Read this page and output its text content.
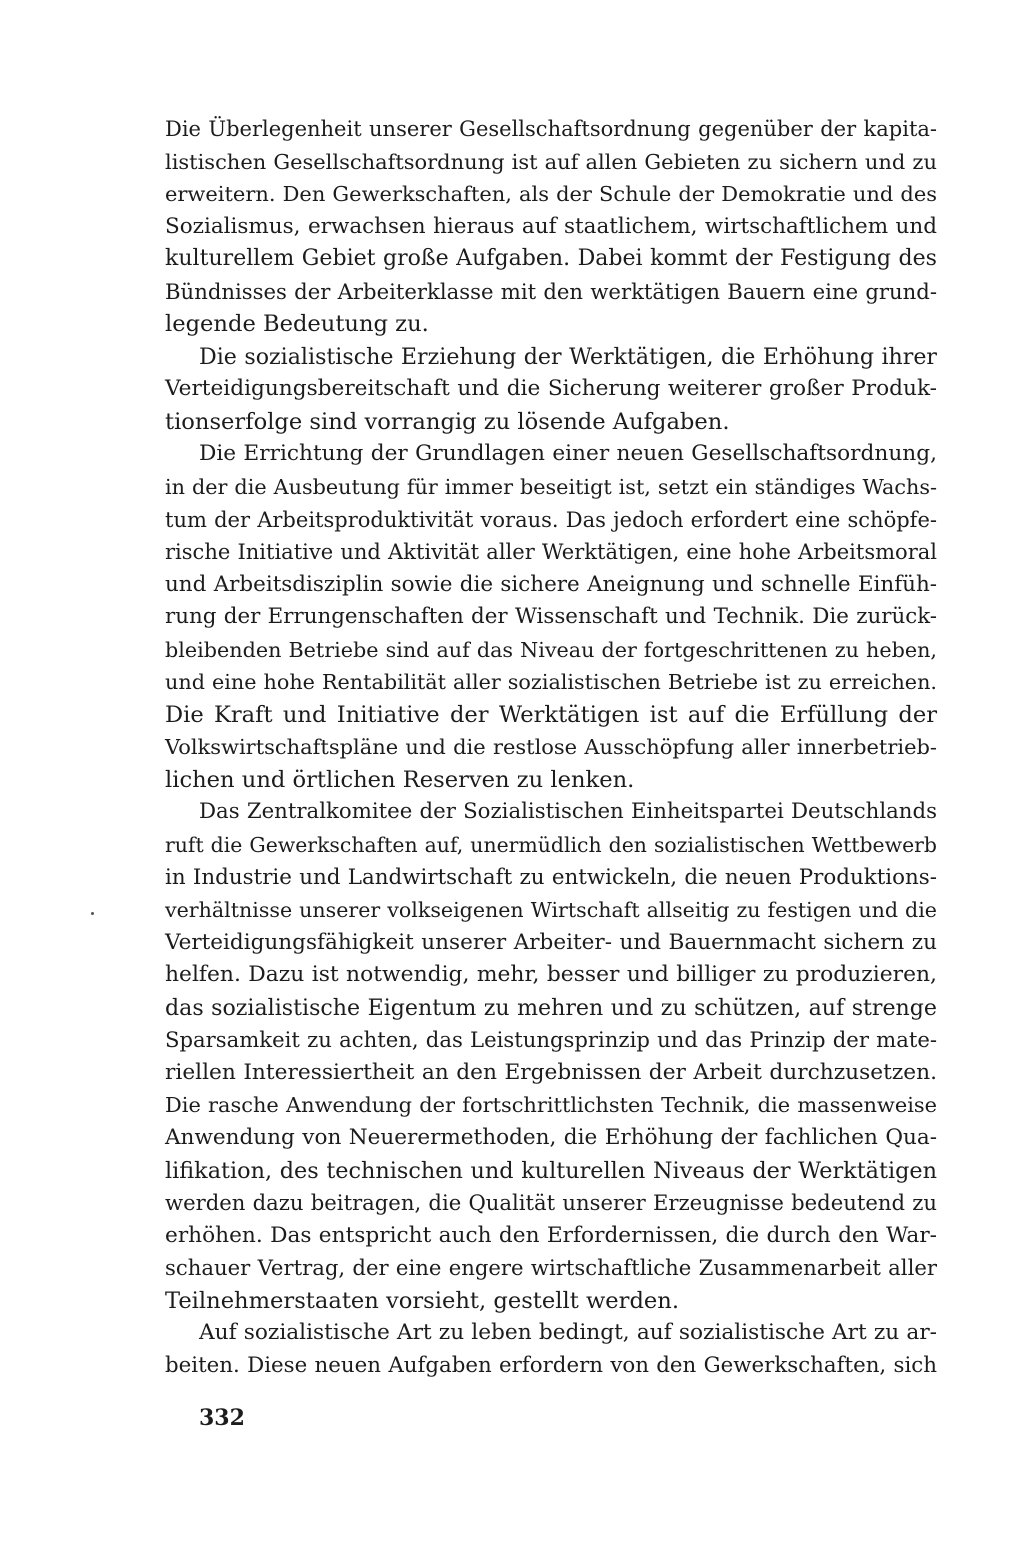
Die Überlegenheit unserer Gesellschaftsordnung gegenüber der kapita-
listischen Gesellschaftsordnung ist auf allen Gebieten zu sichern und zu
erweitern. Den Gewerkschaften, als der Schule der Demokratie und des
Sozialismus, erwachsen hieraus auf staatlichem, wirtschaftlichem und
kulturellem Gebiet große Aufgaben. Dabei kommt der Festigung des
Bündnisses der Arbeiterklasse mit den werktätigen Bauern eine grund-
legende Bedeutung zu.
Die sozialistische Erziehung der Werktätigen, die Erhöhung ihrer
Verteidigungsbereitschaft und die Sicherung weiterer großer Produk-
tionserfolge sind vorrangig zu lösende Aufgaben.
Die Errichtung der Grundlagen einer neuen Gesellschaftsordnung,
in der die Ausbeutung für immer beseitigt ist, setzt ein ständiges Wachs-
tum der Arbeitsproduktivität voraus. Das jedoch erfordert eine schöpfe-
rische Initiative und Aktivität aller Werktätigen, eine hohe Arbeitsmoral
und Arbeitsdisziplin sowie die sichere Aneignung und schnelle Einfüh-
rung der Errungenschaften der Wissenschaft und Technik. Die zurück-
bleibenden Betriebe sind auf das Niveau der fortgeschrittenen zu heben,
und eine hohe Rentabilität aller sozialistischen Betriebe ist zu erreichen.
Die Kraft und Initiative der Werktätigen ist auf die Erfüllung der
Volkswirtschaftspläne und die restlose Ausschöpfung aller innerbetrieb-
lichen und örtlichen Reserven zu lenken.
Das Zentralkomitee der Sozialistischen Einheitspartei Deutschlands
ruft die Gewerkschaften auf, unermüdlich den sozialistischen Wettbewerb
in Industrie und Landwirtschaft zu entwickeln, die neuen Produktions-
verhältnisse unserer volkseigenen Wirtschaft allseitig zu festigen und die
Verteidigungsfähigkeit unserer Arbeiter- und Bauernmacht sichern zu
helfen. Dazu ist notwendig, mehr, besser und billiger zu produzieren,
das sozialistische Eigentum zu mehren und zu schützen, auf strenge
Sparsamkeit zu achten, das Leistungsprinzip und das Prinzip der mate-
riellen Interessiertheit an den Ergebnissen der Arbeit durchzusetzen.
Die rasche Anwendung der fortschrittlichsten Technik, die massenweise
Anwendung von Neuerermethoden, die Erhöhung der fachlichen Qua-
lifikation, des technischen und kulturellen Niveaus der Werktätigen
werden dazu beitragen, die Qualität unserer Erzeugnisse bedeutend zu
erhöhen. Das entspricht auch den Erfordernissen, die durch den War-
schauer Vertrag, der eine engere wirtschaftliche Zusammenarbeit aller
Teilnehmerstaaten vorsieht, gestellt werden.
Auf sozialistische Art zu leben bedingt, auf sozialistische Art zu ar-
beiten. Diese neuen Aufgaben erfordern von den Gewerkschaften, sich
332
